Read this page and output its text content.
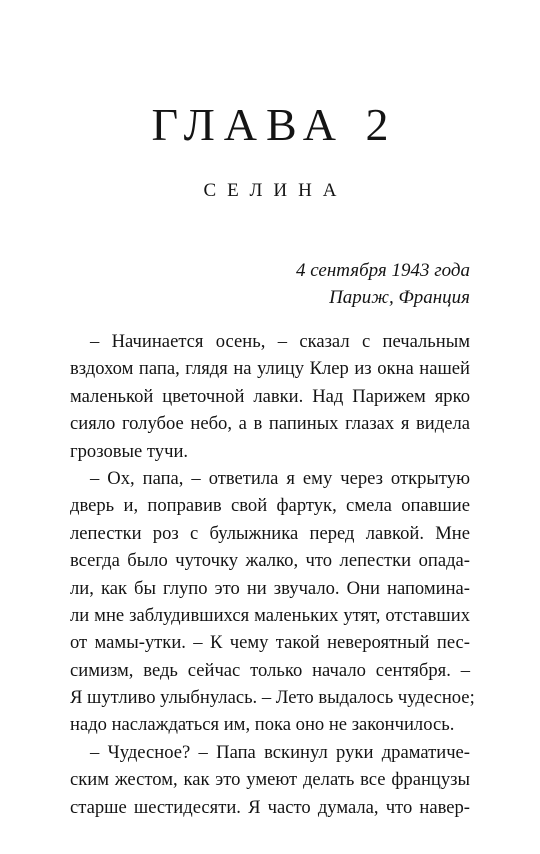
ГЛАВА 2
СЕЛИНА
4 сентября 1943 года
Париж, Франция
– Начинается осень, – сказал с печальным
вздохом папа, глядя на улицу Клер из окна нашей
маленькой цветочной лавки. Над Парижем ярко
сияло голубое небо, а в папиных глазах я видела
грозовые тучи.
– Ох, папа, – ответила я ему через открытую
дверь и, поправив свой фартук, смела опавшие
лепестки роз с булыжника перед лавкой. Мне
всегда было чуточку жалко, что лепестки опада-
ли, как бы глупо это ни звучало. Они напомина-
ли мне заблудившихся маленьких утят, отставших
от мамы-утки. – К чему такой невероятный пес-
симизм, ведь сейчас только начало сентября. –
Я шутливо улыбнулась. – Лето выдалось чудесное;
надо наслаждаться им, пока оно не закончилось.
– Чудесное? – Папа вскинул руки драматиче-
ским жестом, как это умеют делать все французы
старше шестидесяти. Я часто думала, что навер-
